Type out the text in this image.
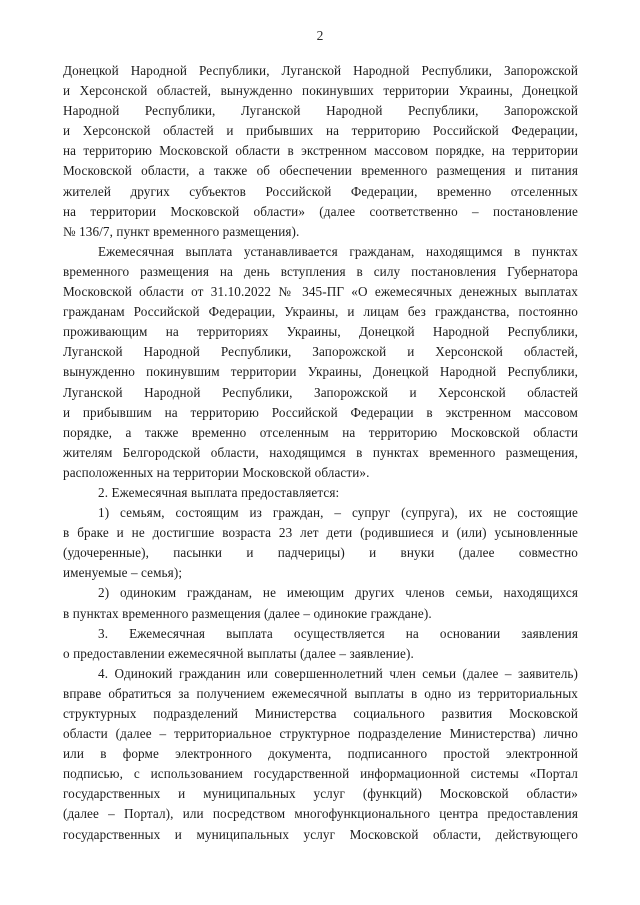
2
Донецкой Народной Республики, Луганской Народной Республики, Запорожской
и Херсонской областей, вынужденно покинувших территории Украины, Донецкой
Народной Республики, Луганской Народной Республики, Запорожской
и Херсонской областей и прибывших на территорию Российской Федерации,
на территорию Московской области в экстренном массовом порядке, на территории
Московской области, а также об обеспечении временного размещения и питания
жителей других субъектов Российской Федерации, временно отселенных
на территории Московской области» (далее соответственно – постановление
№ 136/7, пункт временного размещения).
Ежемесячная выплата устанавливается гражданам, находящимся в пунктах
временного размещения на день вступления в силу постановления Губернатора
Московской области от 31.10.2022 № 345-ПГ «О ежемесячных денежных выплатах
гражданам Российской Федерации, Украины, и лицам без гражданства, постоянно
проживающим на территориях Украины, Донецкой Народной Республики,
Луганской Народной Республики, Запорожской и Херсонской областей,
вынужденно покинувшим территории Украины, Донецкой Народной Республики,
Луганской Народной Республики, Запорожской и Херсонской областей
и прибывшим на территорию Российской Федерации в экстренном массовом
порядке, а также временно отселенным на территорию Московской области
жителям Белгородской области, находящимся в пунктах временного размещения,
расположенных на территории Московской области».
2. Ежемесячная выплата предоставляется:
1) семьям, состоящим из граждан, – супруг (супруга), их не состоящие
в браке и не достигшие возраста 23 лет дети (родившиеся и (или) усыновленные
(удочеренные), пасынки и падчерицы) и внуки (далее совместно
именуемые – семья);
2) одиноким гражданам, не имеющим других членов семьи, находящихся
в пунктах временного размещения (далее – одинокие граждане).
3. Ежемесячная выплата осуществляется на основании заявления
о предоставлении ежемесячной выплаты (далее – заявление).
4. Одинокий гражданин или совершеннолетний член семьи (далее – заявитель)
вправе обратиться за получением ежемесячной выплаты в одно из территориальных
структурных подразделений Министерства социального развития Московской
области (далее – территориальное структурное подразделение Министерства) лично
или в форме электронного документа, подписанного простой электронной
подписью, с использованием государственной информационной системы «Портал
государственных и муниципальных услуг (функций) Московской области»
(далее – Портал), или посредством многофункционального центра предоставления
государственных и муниципальных услуг Московской области, действующего
